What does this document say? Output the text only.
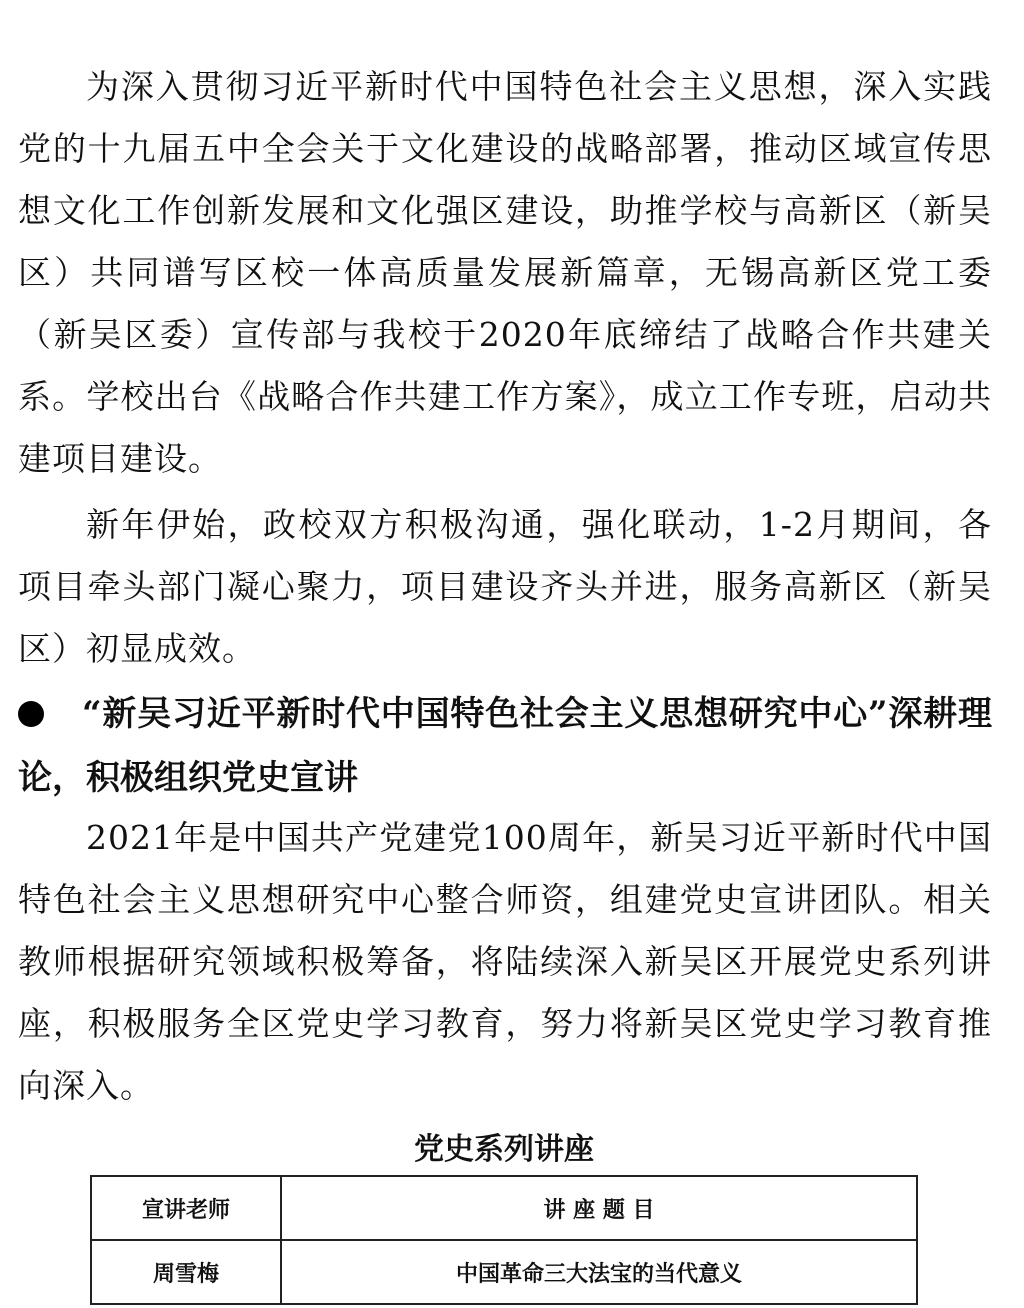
为深入贯彻习近平新时代中国特色社会主义思想，深入实践党的十九届五中全会关于文化建设的战略部署，推动区域宣传思想文化工作创新发展和文化强区建设，助推学校与高新区（新吴区）共同谱写区校一体高质量发展新篇章，无锡高新区党工委（新吴区委）宣传部与我校于2020年底缔结了战略合作共建关系。学校出台《战略合作共建工作方案》，成立工作专班，启动共建项目建设。

新年伊始，政校双方积极沟通，强化联动，1-2月期间，各项目牵头部门凝心聚力，项目建设齐头并进，服务高新区（新吴区）初显成效。

“新吴习近平新时代中国特色社会主义思想研究中心”深耕理论，积极组织党史宣讲

2021年是中国共产党建党100周年，新吴习近平新时代中国特色社会主义思想研究中心整合师资，组建党史宣讲团队。相关教师根据研究领域积极筹备，将陆续深入新吴区开展党史系列讲座，积极服务全区党史学习教育，努力将新吴区党史学习教育推向深入。

党史系列讲座
宣讲老师	讲 座 题 目
周雪梅	中国革命三大法宝的当代意义
